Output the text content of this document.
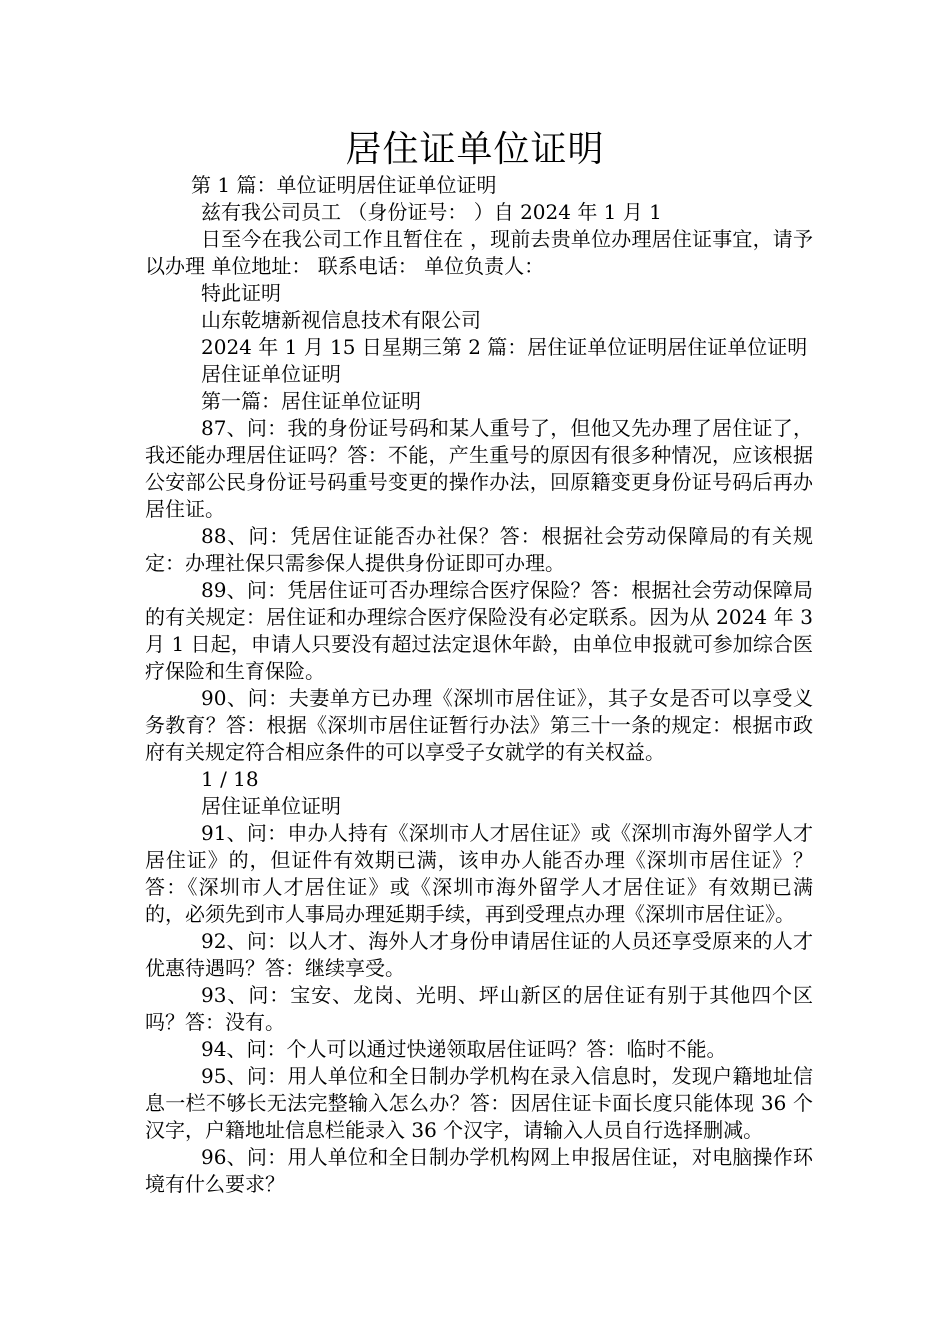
居住证单位证明

第 1 篇：单位证明居住证单位证明

兹有我公司员工 （身份证号： ）自 2024 年 1 月 1

日至今在我公司工作且暂住在 ，现前去贵单位办理居住证事宜，请予以办理 单位地址： 联系电话： 单位负责人：

特此证明

山东乾塘新视信息技术有限公司

2024 年 1 月 15 日星期三第 2 篇：居住证单位证明居住证单位证明

居住证单位证明

第一篇：居住证单位证明

87、问：我的身份证号码和某人重号了，但他又先办理了居住证了，我还能办理居住证吗？答：不能，产生重号的原因有很多种情况，应该根据公安部公民身份证号码重号变更的操作办法，回原籍变更身份证号码后再办居住证。

88、问：凭居住证能否办社保？答：根据社会劳动保障局的有关规定：办理社保只需参保人提供身份证即可办理。

89、问：凭居住证可否办理综合医疗保险？答：根据社会劳动保障局的有关规定：居住证和办理综合医疗保险没有必定联系。因为从 2024 年 3 月 1 日起，申请人只要没有超过法定退休年龄，由单位申报就可参加综合医疗保险和生育保险。

90、问：夫妻单方已办理《深圳市居住证》，其子女是否可以享受义务教育？答：根据《深圳市居住证暂行办法》第三十一条的规定：根据市政府有关规定符合相应条件的可以享受子女就学的有关权益。

1 / 18

居住证单位证明

91、问：申办人持有《深圳市人才居住证》或《深圳市海外留学人才居住证》的，但证件有效期已满，该申办人能否办理《深圳市居住证》？答：《深圳市人才居住证》或《深圳市海外留学人才居住证》有效期已满的，必须先到市人事局办理延期手续，再到受理点办理《深圳市居住证》。

92、问：以人才、海外人才身份申请居住证的人员还享受原来的人才优惠待遇吗？答：继续享受。

93、问：宝安、龙岗、光明、坪山新区的居住证有别于其他四个区吗？答：没有。

94、问：个人可以通过快递领取居住证吗？答：临时不能。

95、问：用人单位和全日制办学机构在录入信息时，发现户籍地址信息一栏不够长无法完整输入怎么办？答：因居住证卡面长度只能体现 36 个汉字，户籍地址信息栏能录入 36 个汉字，请输入人员自行选择删减。

96、问：用人单位和全日制办学机构网上申报居住证，对电脑操作环境有什么要求？
